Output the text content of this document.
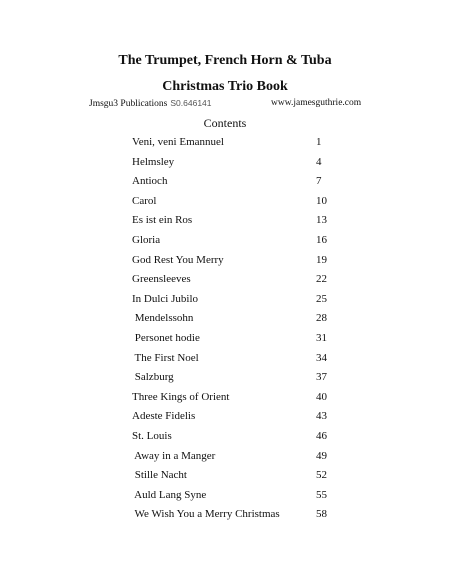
The Trumpet, French Horn & Tuba
Christmas Trio Book
Jmsgu3 Publications S0.646141	www.jamesguthrie.com
Contents
Veni, veni Emannuel	1
Helmsley	4
Antioch	7
Carol	10
Es ist ein Ros	13
Gloria	16
God Rest You Merry	19
Greensleeves	22
In Dulci Jubilo	25
Mendelssohn	28
Personet hodie	31
The First Noel	34
Salzburg	37
Three Kings of Orient	40
Adeste Fidelis	43
St. Louis	46
Away in a Manger	49
Stille Nacht	52
Auld Lang Syne	55
We Wish You a Merry Christmas	58
